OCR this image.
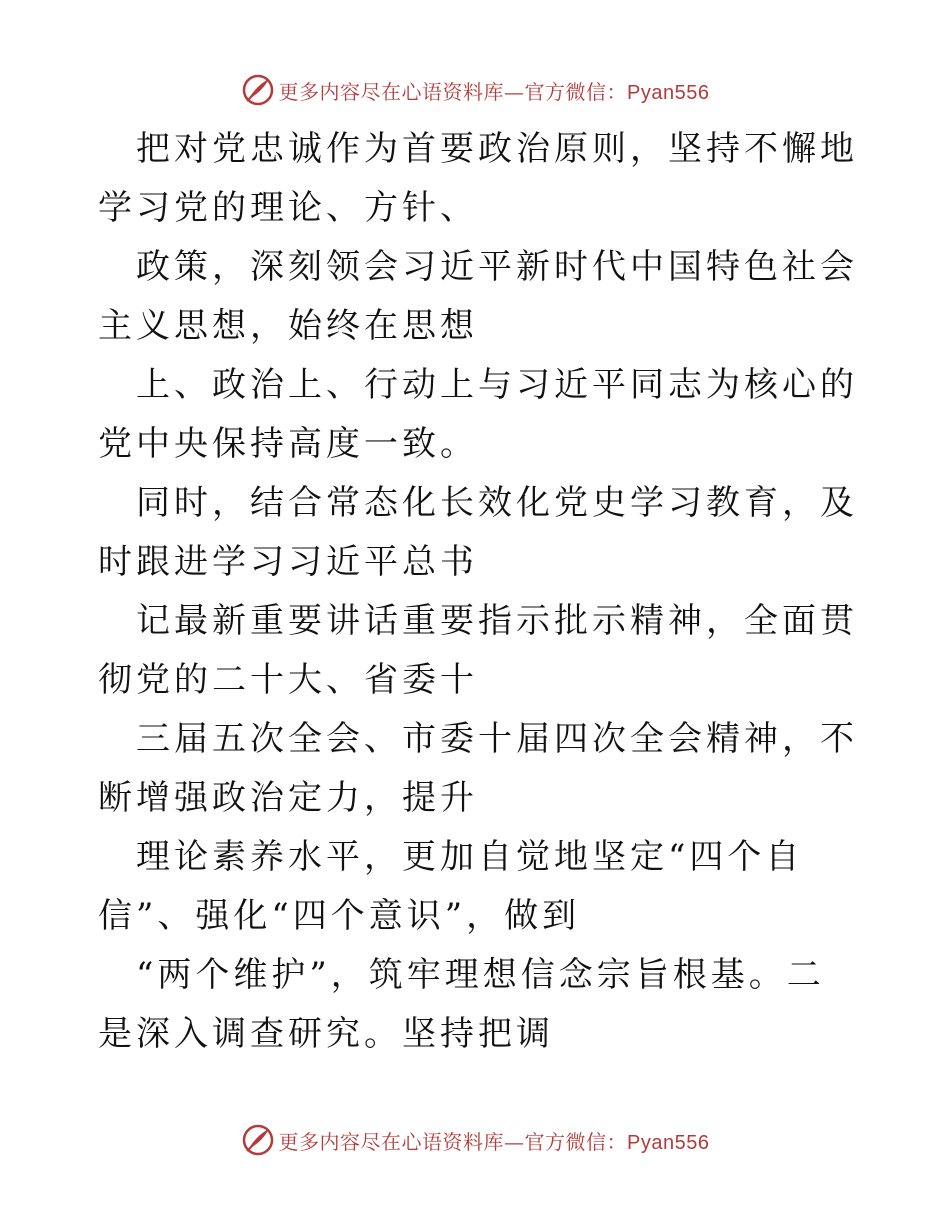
更多内容尽在心语资料库—官方微信：Pyan556

把对党忠诚作为首要政治原则，坚持不懈地学习党的理论、方针、

政策，深刻领会习近平新时代中国特色社会主义思想，始终在思想

上、政治上、行动上与习近平同志为核心的党中央保持高度一致。

同时，结合常态化长效化党史学习教育，及时跟进学习习近平总书

记最新重要讲话重要指示批示精神，全面贯彻党的二十大、省委十

三届五次全会、市委十届四次全会精神，不断增强政治定力，提升

理论素养水平，更加自觉地坚定“四个自信”、强化“四个意识”，做到

“两个维护”，筑牢理想信念宗旨根基。二是深入调查研究。坚持把调

更多内容尽在心语资料库—官方微信：Pyan556
